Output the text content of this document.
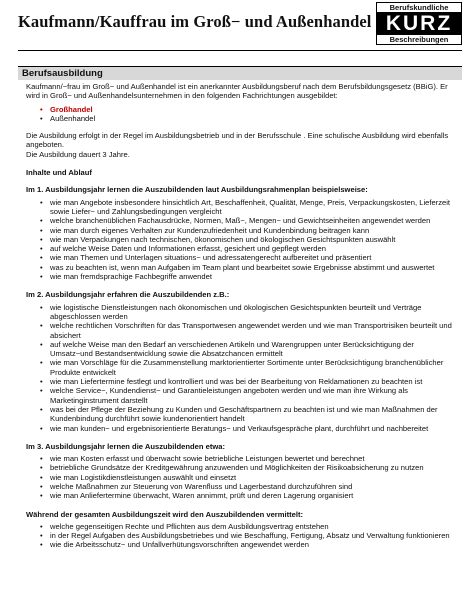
Kaufmann/Kauffrau im Groß− und Außenhandel
Berufskundliche
KURZ
Beschreibungen
Berufsausbildung

Kaufmann/−frau im Groß− und Außenhandel ist ein anerkannter Ausbildungsberuf nach dem Berufsbildungsgesetz (BBiG). Er wird in Groß− und Außenhandelsunternehmen in den folgenden Fachrichtungen ausgebildet:

• Großhandel
• Außenhandel

Die Ausbildung erfolgt in der Regel im Ausbildungsbetrieb und in der Berufsschule . Eine schulische Ausbildung wird ebenfalls angeboten.

Die Ausbildung dauert 3 Jahre.

Inhalte und Ablauf

Im 1. Ausbildungsjahr lernen die Auszubildenden laut Ausbildungsrahmenplan beispielsweise:

• wie man Angebote insbesondere hinsichtlich Art, Beschaffenheit, Qualität, Menge, Preis, Verpackungskosten, Lieferzeit sowie Liefer− und Zahlungsbedingungen vergleicht
• welche branchenüblichen Fachausdrücke, Normen, Maß−, Mengen− und Gewichtseinheiten angewendet werden
• wie man durch eigenes Verhalten zur Kundenzufriedenheit und Kundenbindung beitragen kann
• wie man Verpackungen nach technischen, ökonomischen und ökologischen Gesichtspunkten auswählt
• auf welche Weise Daten und Informationen erfasst, gesichert und gepflegt werden
• wie man Themen und Unterlagen situations− und adressatengerecht aufbereitet und präsentiert
• was zu beachten ist, wenn man Aufgaben im Team plant und bearbeitet sowie Ergebnisse abstimmt und auswertet
• wie man fremdsprachige Fachbegriffe anwendet

Im 2. Ausbildungsjahr erfahren die Auszubildenden z.B.:

• wie logistische Dienstleistungen nach ökonomischen und ökologischen Gesichtspunkten beurteilt und Verträge abgeschlossen werden
• welche rechtlichen Vorschriften für das Transportwesen angewendet werden und wie man Transportrisiken beurteilt und absichert
• auf welche Weise man den Bedarf an verschiedenen Artikeln und Warengruppen unter Berücksichtigung der Umsatz−und Bestandsentwicklung sowie die Absatzchancen ermittelt
• wie man Vorschläge für die Zusammenstellung marktorientierter Sortimente unter Berücksichtigung branchenüblicher Produkte entwickelt
• wie man Liefertermine festlegt und kontrolliert und was bei der Bearbeitung von Reklamationen zu beachten ist
• welche Service−, Kundendienst− und Garantieleistungen angeboten werden und wie man ihre Wirkung als Marketinginstrument darstellt
• was bei der Pflege der Beziehung zu Kunden und Geschäftspartnern zu beachten ist und wie man Maßnahmen der Kundenbindung durchführt sowie kundenorientiert handelt
• wie man kunden− und ergebnisorientierte Beratungs− und Verkaufsgespräche plant, durchführt und nachbereitet

Im 3. Ausbildungsjahr lernen die Auszubildenden etwa:

• wie man Kosten erfasst und überwacht sowie betriebliche Leistungen bewertet und berechnet
• betriebliche Grundsätze der Kreditgewährung anzuwenden und Möglichkeiten der Risikoabsicherung zu nutzen
• wie man Logistikdienstleistungen auswählt und einsetzt
• welche Maßnahmen zur Steuerung von Warenfluss und Lagerbestand durchzuführen sind
• wie man Anliefertermine überwacht, Waren annimmt, prüft und deren Lagerung organisiert

Während der gesamten Ausbildungszeit wird den Auszubildenden vermittelt:

• welche gegenseitigen Rechte und Pflichten aus dem Ausbildungsvertrag entstehen
• in der Regel Aufgaben des Ausbildungsbetriebes und wie Beschaffung, Fertigung, Absatz und Verwaltung funktionieren
• wie die Arbeitsschutz− und Unfallverhütungsvorschriften angewendet werden
